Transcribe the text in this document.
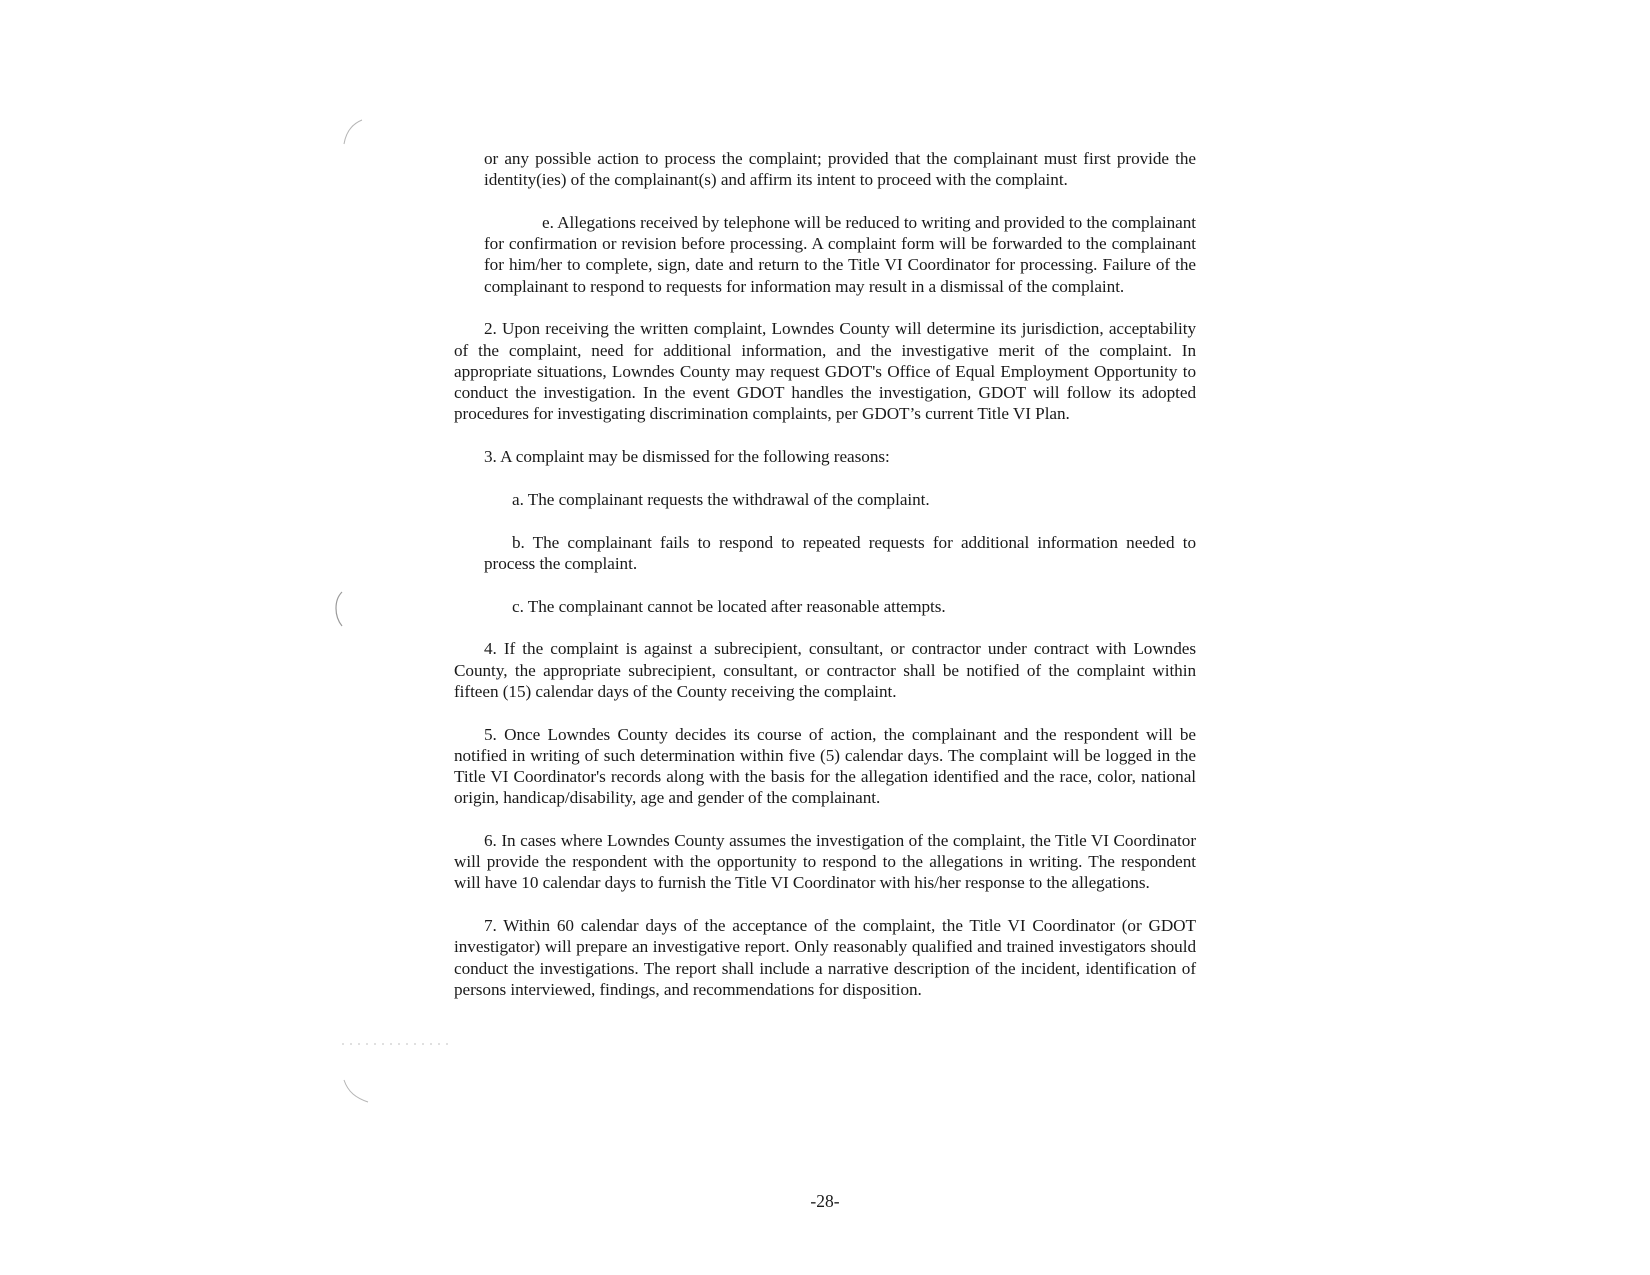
or any possible action to process the complaint; provided that the complainant must first provide the identity(ies) of the complainant(s) and affirm its intent to proceed with the complaint.

e. Allegations received by telephone will be reduced to writing and provided to the complainant for confirmation or revision before processing. A complaint form will be forwarded to the complainant for him/her to complete, sign, date and return to the Title VI Coordinator for processing. Failure of the complainant to respond to requests for information may result in a dismissal of the complaint.

2. Upon receiving the written complaint, Lowndes County will determine its jurisdiction, acceptability of the complaint, need for additional information, and the investigative merit of the complaint. In appropriate situations, Lowndes County may request GDOT's Office of Equal Employment Opportunity to conduct the investigation. In the event GDOT handles the investigation, GDOT will follow its adopted procedures for investigating discrimination complaints, per GDOT’s current Title VI Plan.

3. A complaint may be dismissed for the following reasons:

a. The complainant requests the withdrawal of the complaint.

b. The complainant fails to respond to repeated requests for additional information needed to process the complaint.

c. The complainant cannot be located after reasonable attempts.

4. If the complaint is against a subrecipient, consultant, or contractor under contract with Lowndes County, the appropriate subrecipient, consultant, or contractor shall be notified of the complaint within fifteen (15) calendar days of the County receiving the complaint.

5. Once Lowndes County decides its course of action, the complainant and the respondent will be notified in writing of such determination within five (5) calendar days. The complaint will be logged in the Title VI Coordinator's records along with the basis for the allegation identified and the race, color, national origin, handicap/disability, age and gender of the complainant.

6. In cases where Lowndes County assumes the investigation of the complaint, the Title VI Coordinator will provide the respondent with the opportunity to respond to the allegations in writing. The respondent will have 10 calendar days to furnish the Title VI Coordinator with his/her response to the allegations.

7. Within 60 calendar days of the acceptance of the complaint, the Title VI Coordinator (or GDOT investigator) will prepare an investigative report. Only reasonably qualified and trained investigators should conduct the investigations. The report shall include a narrative description of the incident, identification of persons interviewed, findings, and recommendations for disposition.

-28-
